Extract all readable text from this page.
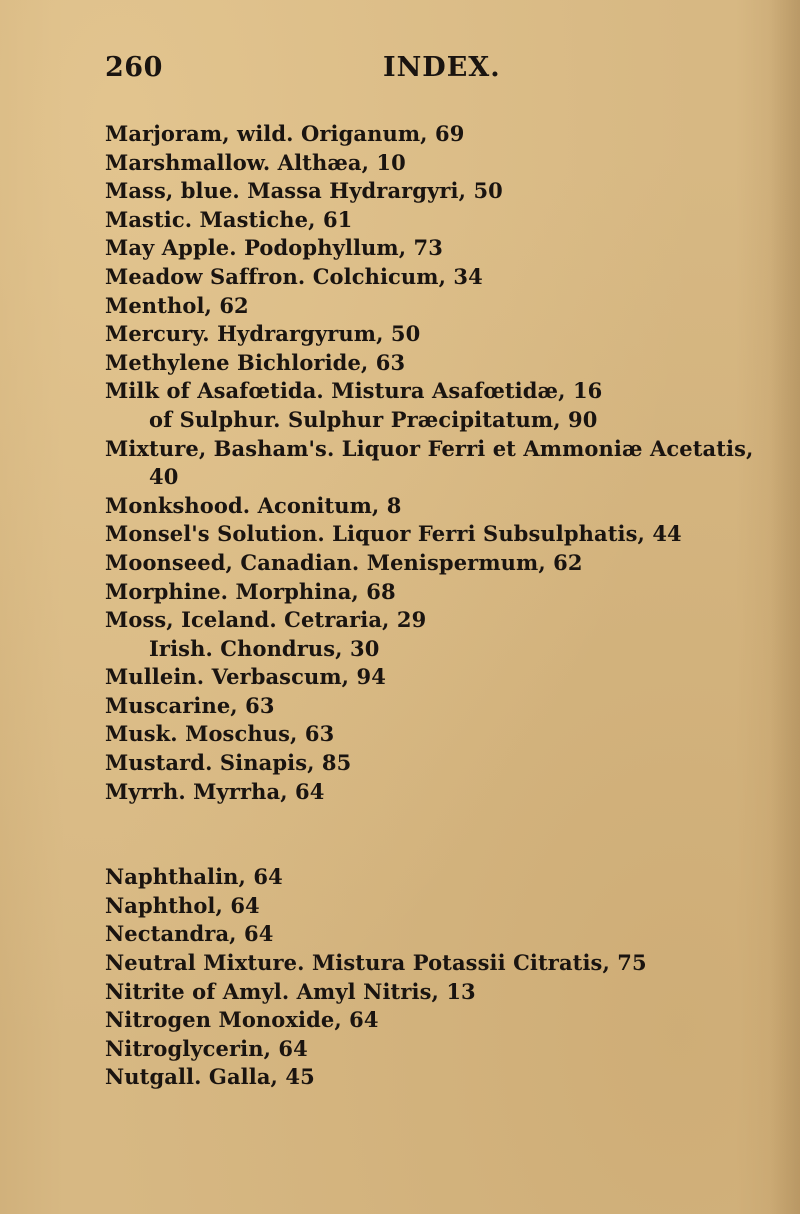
260	INDEX.
Marjoram, wild. Origanum, 69
Marshmallow. Althæa, 10
Mass, blue. Massa Hydrargyri, 50
Mastic. Mastiche, 61
May Apple. Podophyllum, 73
Meadow Saffron. Colchicum, 34
Menthol, 62
Mercury. Hydrargyrum, 50
Methylene Bichloride, 63
Milk of Asafœtida. Mistura Asafœtidæ, 16
of Sulphur. Sulphur Præcipitatum, 90
Mixture, Basham's. Liquor Ferri et Ammoniæ Acetatis,
40
Monkshood. Aconitum, 8
Monsel's Solution. Liquor Ferri Subsulphatis, 44
Moonseed, Canadian. Menispermum, 62
Morphine. Morphina, 68
Moss, Iceland. Cetraria, 29
Irish. Chondrus, 30
Mullein. Verbascum, 94
Muscarine, 63
Musk. Moschus, 63
Mustard. Sinapis, 85
Myrrh. Myrrha, 64
Naphthalin, 64
Naphthol, 64
Nectandra, 64
Neutral Mixture. Mistura Potassii Citratis, 75
Nitrite of Amyl. Amyl Nitris, 13
Nitrogen Monoxide, 64
Nitroglycerin, 64
Nutgall. Galla, 45
